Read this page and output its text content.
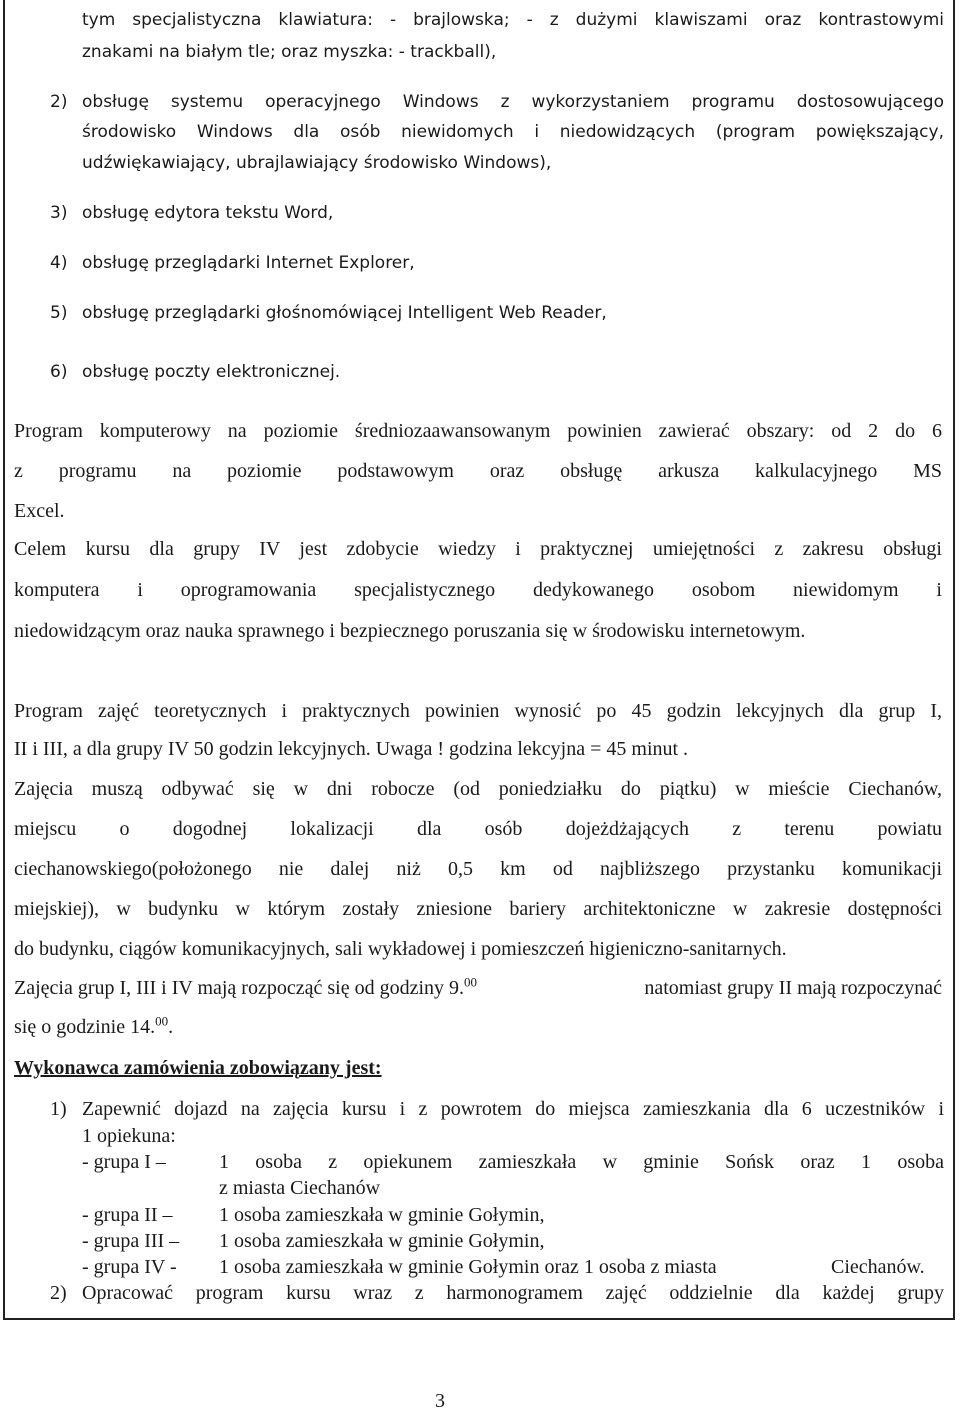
tym specjalistyczna klawiatura: - brajlowska; - z dużymi klawiszami oraz kontrastowymi
znakami na białym tle; oraz myszka: - trackball),
2) obsługę systemu operacyjnego Windows z wykorzystaniem programu dostosowującego
środowisko Windows dla osób niewidomych i niedowidzących (program powiększający,
udźwiękawiający, ubrajlawiający środowisko Windows),
3) obsługę edytora tekstu Word,
4) obsługę przeglądarki Internet Explorer,
5) obsługę przeglądarki głośnomówiącej Intelligent Web Reader,
6) obsługę poczty elektronicznej.
Program komputerowy na poziomie średniozaawansowanym powinien zawierać obszary: od 2 do 6
z programu na poziomie podstawowym oraz obsługę arkusza kalkulacyjnego MS
Excel.
Celem kursu dla grupy IV jest zdobycie wiedzy i praktycznej umiejętności z zakresu obsługi
komputera i oprogramowania specjalistycznego dedykowanego osobom niewidomym i
niedowidzącym oraz nauka sprawnego i bezpiecznego poruszania się w środowisku internetowym.
Program zajęć teoretycznych i praktycznych powinien wynosić po 45 godzin lekcyjnych dla grup I,
II i III, a dla grupy IV 50 godzin lekcyjnych. Uwaga ! godzina lekcyjna = 45 minut .
Zajęcia muszą odbywać się w dni robocze (od poniedziałku do piątku) w mieście Ciechanów,
miejscu o dogodnej lokalizacji dla osób dojeżdżających z terenu powiatu
ciechanowskiego(położonego nie dalej niż 0,5 km od najbliższego przystanku komunikacji
miejskiej), w budynku w którym zostały zniesione bariery architektoniczne w zakresie dostępności
do budynku, ciągów komunikacyjnych, sali wykładowej i pomieszczeń higieniczno-sanitarnych.
Zajęcia grup I, III i IV mają rozpocząć się od godziny 9.00	natomiast grupy II mają rozpoczynać
się o godzinie 14.00.
Wykonawca zamówienia zobowiązany jest:
1) Zapewnić dojazd na zajęcia kursu i z powrotem do miejsca zamieszkania dla 6 uczestników i
1 opiekuna:
- grupa I –	1 osoba z opiekunem zamieszkała w gminie Sońsk oraz 1 osoba
z miasta Ciechanów
- grupa II – 1 osoba zamieszkała w gminie Gołymin,
- grupa III – 1 osoba zamieszkała w gminie Gołymin,
- grupa IV - 1 osoba zamieszkała w gminie Gołymin oraz 1 osoba z miasta	Ciechanów.
2) Opracować program kursu wraz z harmonogramem zajęć oddzielnie dla każdej grupy
3
